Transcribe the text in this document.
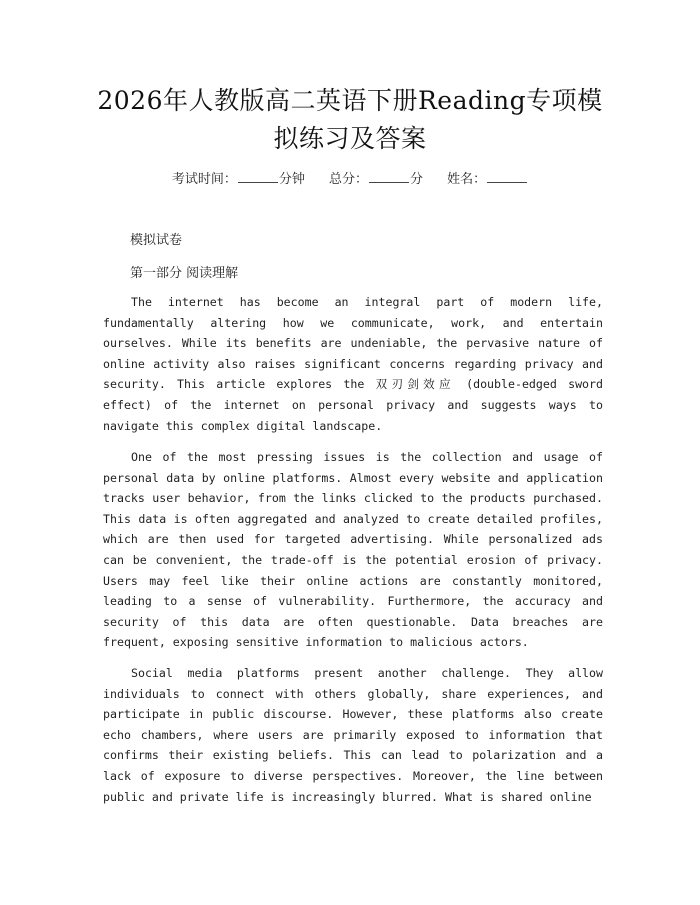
2026年人教版高二英语下册Reading专项模拟练习及答案
考试时间：	分钟 总分：	分 姓名：
模拟试卷
第一部分 阅读理解

The internet has become an integral part of modern life, fundamentally altering how we communicate, work, and entertain ourselves. While its benefits are undeniable, the pervasive nature of online activity also raises significant concerns regarding privacy and security. This article explores the 双刃剑效应 (double-edged sword effect) of the internet on personal privacy and suggests ways to navigate this complex digital landscape.

One of the most pressing issues is the collection and usage of personal data by online platforms. Almost every website and application tracks user behavior, from the links clicked to the products purchased. This data is often aggregated and analyzed to create detailed profiles, which are then used for targeted advertising. While personalized ads can be convenient, the trade-off is the potential erosion of privacy. Users may feel like their online actions are constantly monitored, leading to a sense of vulnerability. Furthermore, the accuracy and security of this data are often questionable. Data breaches are frequent, exposing sensitive information to malicious actors.

Social media platforms present another challenge. They allow individuals to connect with others globally, share experiences, and participate in public discourse. However, these platforms also create echo chambers, where users are primarily exposed to information that confirms their existing beliefs. This can lead to polarization and a lack of exposure to diverse perspectives. Moreover, the line between public and private life is increasingly blurred. What is shared online
